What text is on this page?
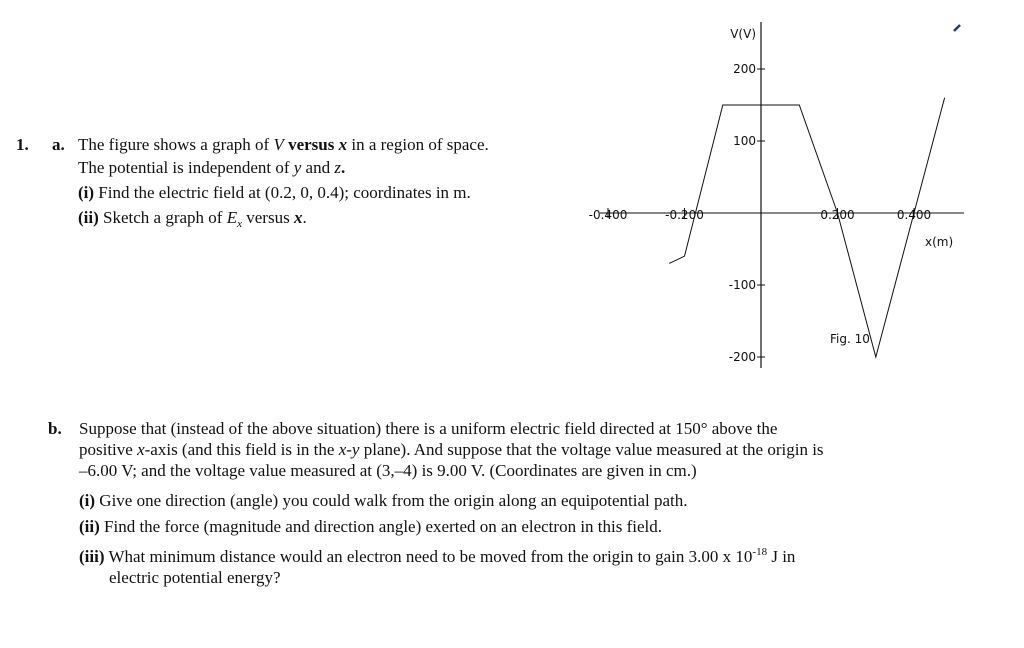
1.	a. The figure shows a graph of V versus x in a region of space.
The potential is independent of y and z.
(i) Find the electric field at (0.2, 0, 0.4); coordinates in m.
(ii) Sketch a graph of $E_x$ versus x.	-0.400	-0.200	0.200	0.400
-200
-100
100
200
V(V)
x(m)
Fig. 10
b.	Suppose that (instead of the above situation) there is a uniform electric field directed at 150° above the
positive x-axis (and this field is in the x-y plane). And suppose that the voltage value measured at the origin is
–6.00 V; and the voltage value measured at (3,–4) is 9.00 V. (Coordinates are given in cm.)
(i) Give one direction (angle) you could walk from the origin along an equipotential path.
(ii) Find the force (magnitude and direction angle) exerted on an electron in this field.
(iii) What minimum distance would an electron need to be moved from the origin to gain 3.00 x $10^{-18}$ J in
electric potential energy?
